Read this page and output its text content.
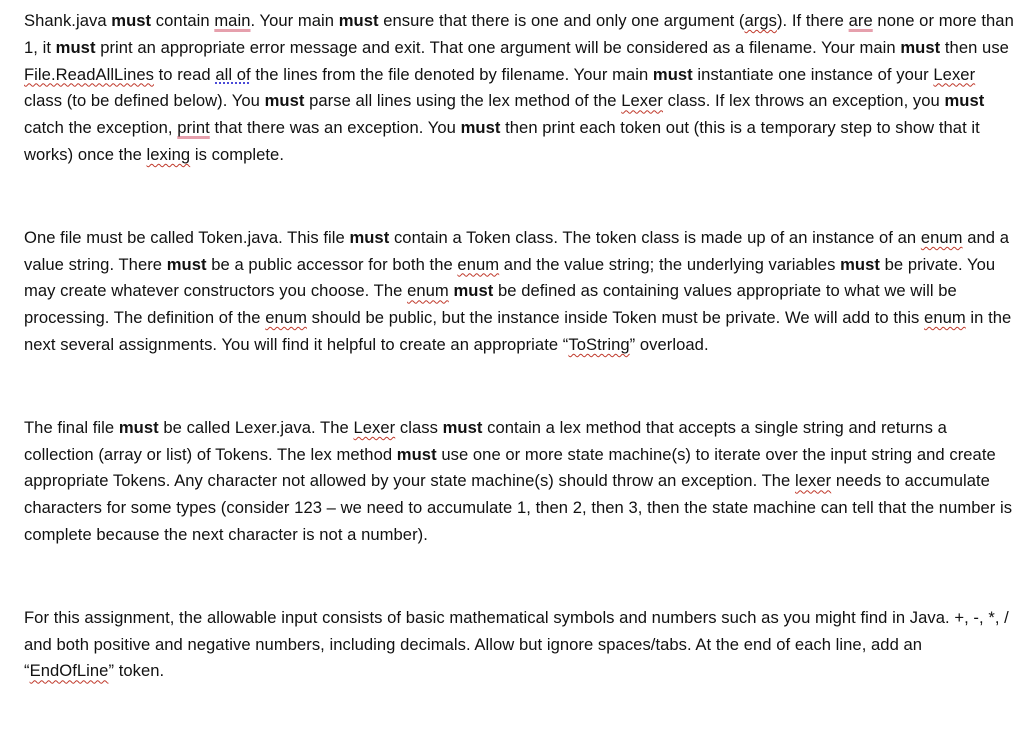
Shank.java must contain main. Your main must ensure that there is one and only one argument (args). If there are none or more than 1, it must print an appropriate error message and exit. That one argument will be considered as a filename. Your main must then use File.ReadAllLines to read all of the lines from the file denoted by filename. Your main must instantiate one instance of your Lexer class (to be defined below). You must parse all lines using the lex method of the Lexer class. If lex throws an exception, you must catch the exception, print that there was an exception. You must then print each token out (this is a temporary step to show that it works) once the lexing is complete.

One file must be called Token.java. This file must contain a Token class. The token class is made up of an instance of an enum and a value string. There must be a public accessor for both the enum and the value string; the underlying variables must be private. You may create whatever constructors you choose. The enum must be defined as containing values appropriate to what we will be processing. The definition of the enum should be public, but the instance inside Token must be private. We will add to this enum in the next several assignments. You will find it helpful to create an appropriate “ToString” overload.

The final file must be called Lexer.java. The Lexer class must contain a lex method that accepts a single string and returns a collection (array or list) of Tokens. The lex method must use one or more state machine(s) to iterate over the input string and create appropriate Tokens. Any character not allowed by your state machine(s) should throw an exception. The lexer needs to accumulate characters for some types (consider 123 – we need to accumulate 1, then 2, then 3, then the state machine can tell that the number is complete because the next character is not a number).

For this assignment, the allowable input consists of basic mathematical symbols and numbers such as you might find in Java. +, -, *, / and both positive and negative numbers, including decimals. Allow but ignore spaces/tabs. At the end of each line, add an “EndOfLine” token.
